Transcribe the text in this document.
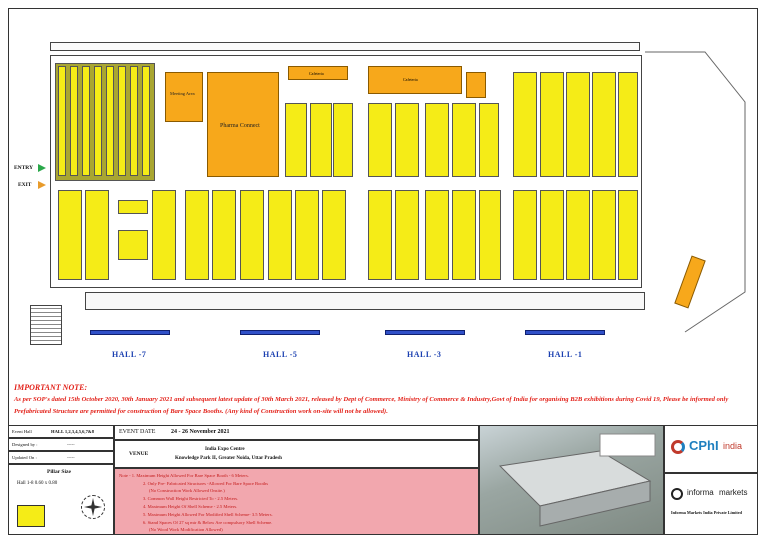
Meeting Area
Pharma Connect
Cafeteria
Cafeteria
ENTRY
EXIT
HALL -7	HALL -5	HALL -3	HALL -1
IMPORTANT NOTE:
As per SOP's dated 15th October 2020, 30th January 2021 and subsequent latest update of 30th March 2021, released by Dept of Commerce, Ministry of Commerce & Industry,Govt of India for organising B2B exhibitions during Covid 19, Please be informed only Prefabricated Structure are permitted for construction of Bare Space Booths. (Any kind of Construction work on-site will not be allowed).
Event Hall	HALL 1,2,3,4,5,6,7&8
Designed by :	-----
Updated On :	-----
Pillar Size
Hall 1-8 0.60 x 0.80
EVENT DATE	24 - 26 November 2021
VENUE
India Expo Centre
Knowledge Park II, Greater Noida, Uttar Pradesh
Note - 1. Maximum Height Allowed For Bare Space Booth - 6 Meters.
2. Only Pre- Fabricated Structures -Allowed For Bare Space Booths
(No Construction Work Allowed Onsite.)
3. Common Wall Height Restricted To - 2.5 Meters.
4. Maximum Height Of Shell Scheme - 2.5 Meters.
5. Maximum Height Allowed For Modified Shell Scheme- 3.5 Meters.
6. Stand Spaces Of 27 sq mtr & Below Are compulsory Shell Scheme.
(No Wood Work Modification Allowed)
CPhI india
informa markets
Informa Markets India Private Limited
